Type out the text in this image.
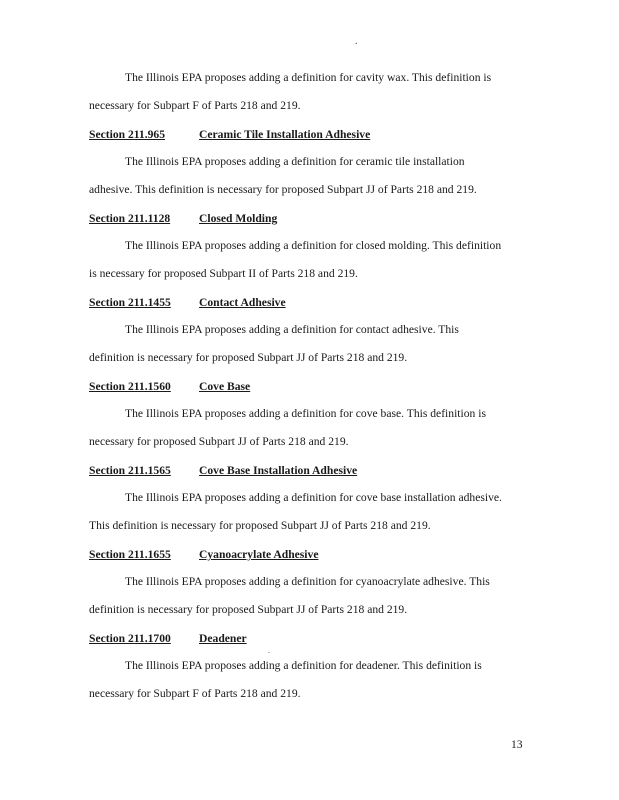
.
The Illinois EPA proposes adding a definition for cavity wax. This definition is
necessary for Subpart F of Parts 218 and 219.
Section 211.965	Ceramic Tile Installation Adhesive
The Illinois EPA proposes adding a definition for ceramic tile installation
adhesive. This definition is necessary for proposed Subpart JJ of Parts 218 and 219.
Section 211.1128 Closed Molding
The Illinois EPA proposes adding a definition for closed molding. This definition
is necessary for proposed Subpart II of Parts 218 and 219.
Section 211.1455 Contact Adhesive
The Illinois EPA proposes adding a definition for contact adhesive. This
definition is necessary for proposed Subpart JJ of Parts 218 and 219.
Section 211.1560 Cove Base
The Illinois EPA proposes adding a definition for cove base. This definition is
necessary for proposed Subpart JJ of Parts 218 and 219.
Section 211.1565 Cove Base Installation Adhesive
The Illinois EPA proposes adding a definition for cove base installation adhesive.
This definition is necessary for proposed Subpart JJ of Parts 218 and 219.
Section 211.1655 Cyanoacrylate Adhesive
The Illinois EPA proposes adding a definition for cyanoacrylate adhesive. This
definition is necessary for proposed Subpart JJ of Parts 218 and 219.
Section 211.1700 Deadener
The Illinois EPA proposes adding a definition for deadener. This definition is
necessary for Subpart F of Parts 218 and 219.
.
13
